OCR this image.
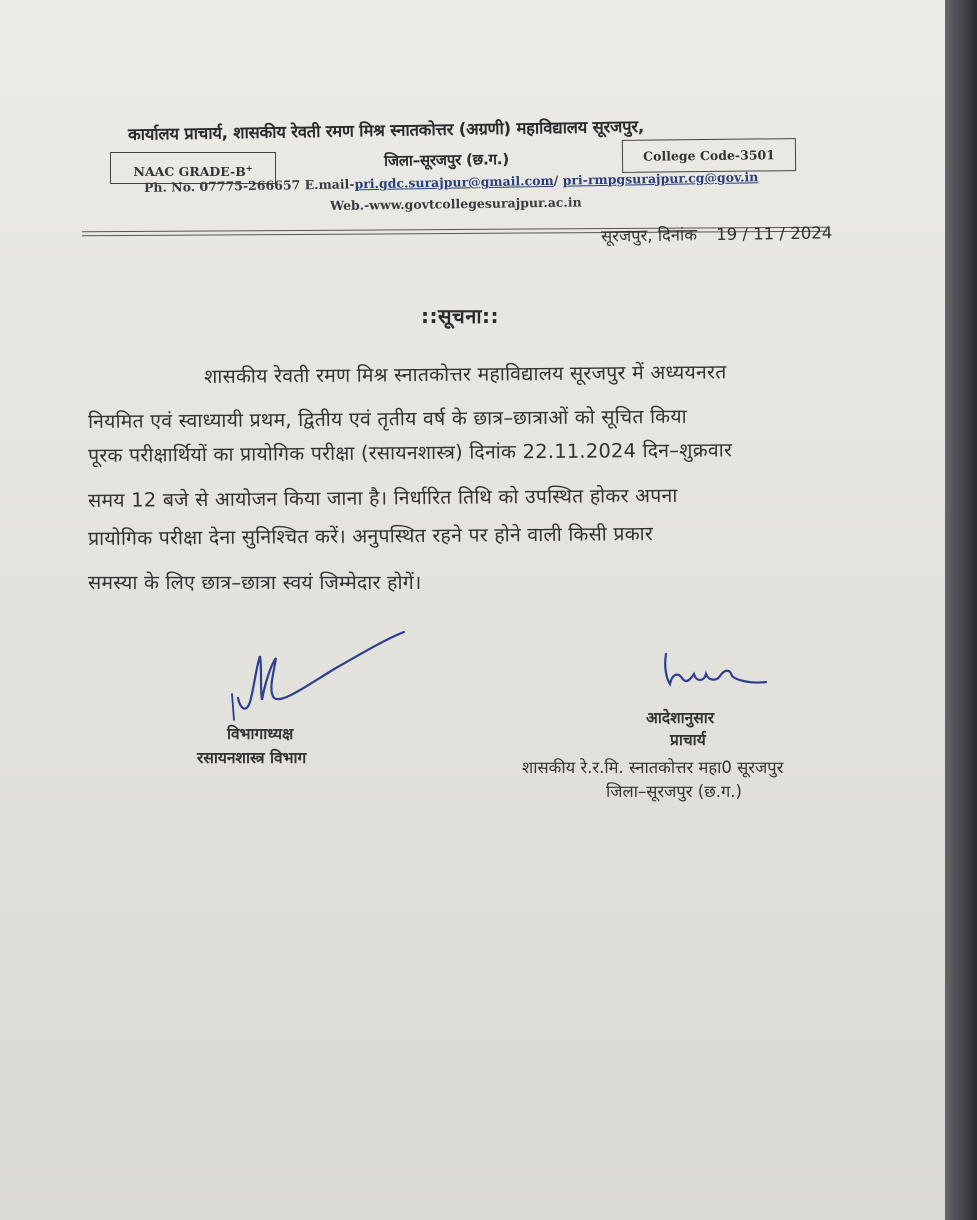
कार्यालय प्राचार्य, शासकीय रेवती रमण मिश्र स्नातकोत्तर (अग्रणी) महाविद्यालय सूरजपुर,
NAAC GRADE-B+	जिला–सूरजपुर (छ.ग.)	College Code-3501
Ph. No. 07775-266657 E.mail-pri.gdc.surajpur@gmail.com/ pri-rmpgsurajpur.cg@gov.in
Web.-www.govtcollegesurajpur.ac.in
सूरजपुर, दिनांक 19 / 11 / 2024
::सूचना::
शासकीय रेवती रमण मिश्र स्नातकोत्तर महाविद्यालय सूरजपुर में अध्ययनरत
नियमित एवं स्वाध्यायी प्रथम, द्वितीय एवं तृतीय वर्ष के छात्र–छात्राओं को सूचित किया
पूरक परीक्षार्थियों का प्रायोगिक परीक्षा (रसायनशास्त्र) दिनांक 22.11.2024 दिन–शुक्रवार
समय 12 बजे से आयोजन किया जाना है। निर्धारित तिथि को उपस्थित होकर अपना
प्रायोगिक परीक्षा देना सुनिश्चित करें। अनुपस्थित रहने पर होने वाली किसी प्रकार
समस्या के लिए छात्र–छात्रा स्वयं जिम्मेदार होगें।
विभागाध्यक्ष
रसायनशास्त्र विभाग
आदेशानुसार
प्राचार्य
शासकीय रे.र.मि. स्नातकोत्तर महा0 सूरजपुर
जिला–सूरजपुर (छ.ग.)
